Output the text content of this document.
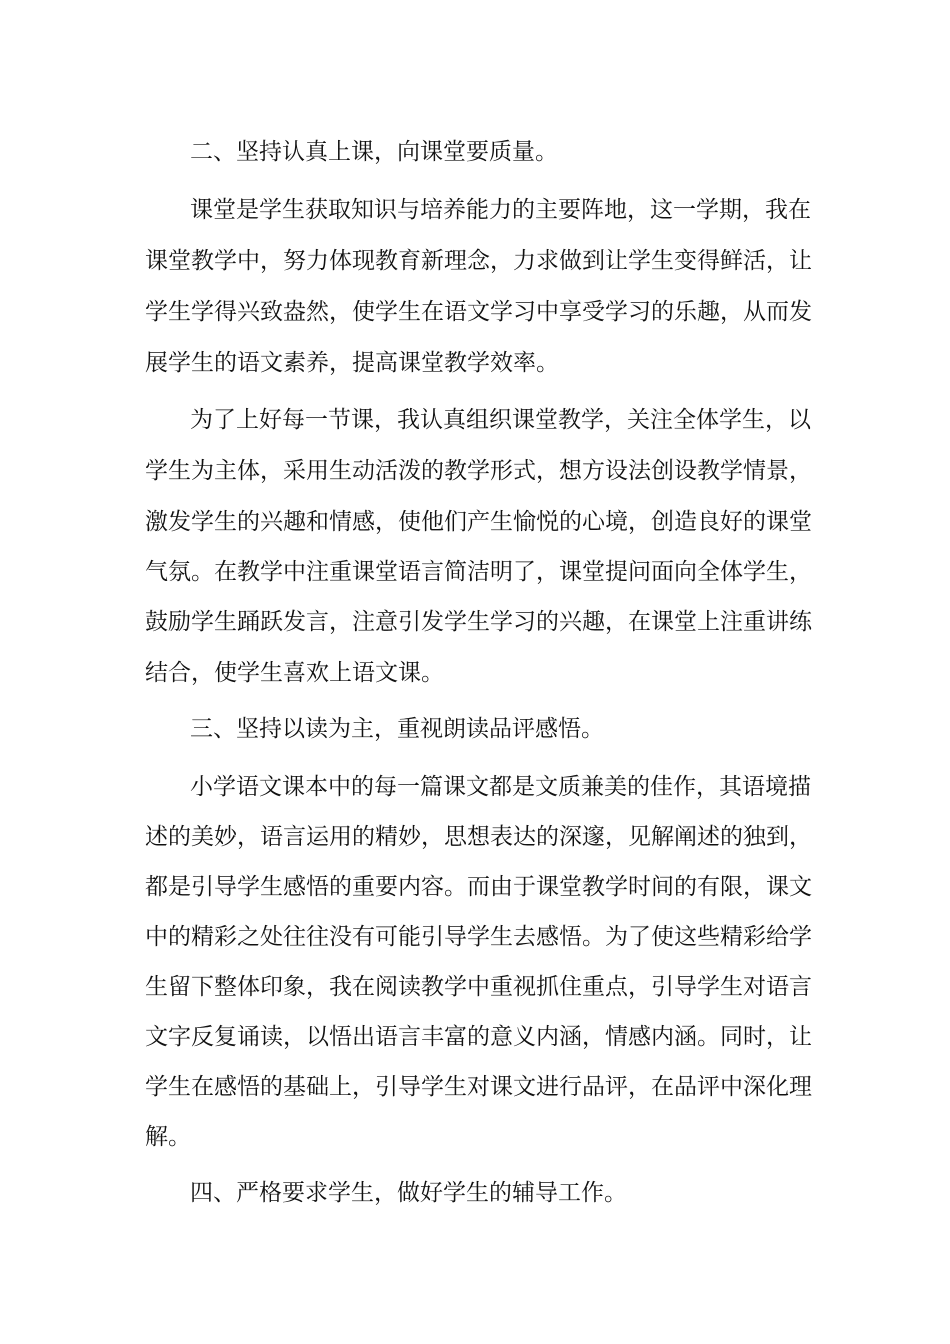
二、坚持认真上课，向课堂要质量。
课堂是学生获取知识与培养能力的主要阵地，这一学期，我在
课堂教学中，努力体现教育新理念，力求做到让学生变得鲜活，让
学生学得兴致盎然，使学生在语文学习中享受学习的乐趣，从而发
展学生的语文素养，提高课堂教学效率。
为了上好每一节课，我认真组织课堂教学，关注全体学生，以
学生为主体，采用生动活泼的教学形式，想方设法创设教学情景，
激发学生的兴趣和情感，使他们产生愉悦的心境，创造良好的课堂
气氛。在教学中注重课堂语言简洁明了，课堂提问面向全体学生，
鼓励学生踊跃发言，注意引发学生学习的兴趣，在课堂上注重讲练
结合，使学生喜欢上语文课。
三、坚持以读为主，重视朗读品评感悟。
小学语文课本中的每一篇课文都是文质兼美的佳作，其语境描
述的美妙，语言运用的精妙，思想表达的深邃，见解阐述的独到，
都是引导学生感悟的重要内容。而由于课堂教学时间的有限，课文
中的精彩之处往往没有可能引导学生去感悟。为了使这些精彩给学
生留下整体印象，我在阅读教学中重视抓住重点，引导学生对语言
文字反复诵读，以悟出语言丰富的意义内涵，情感内涵。同时，让
学生在感悟的基础上，引导学生对课文进行品评，在品评中深化理
解。
四、严格要求学生，做好学生的辅导工作。
